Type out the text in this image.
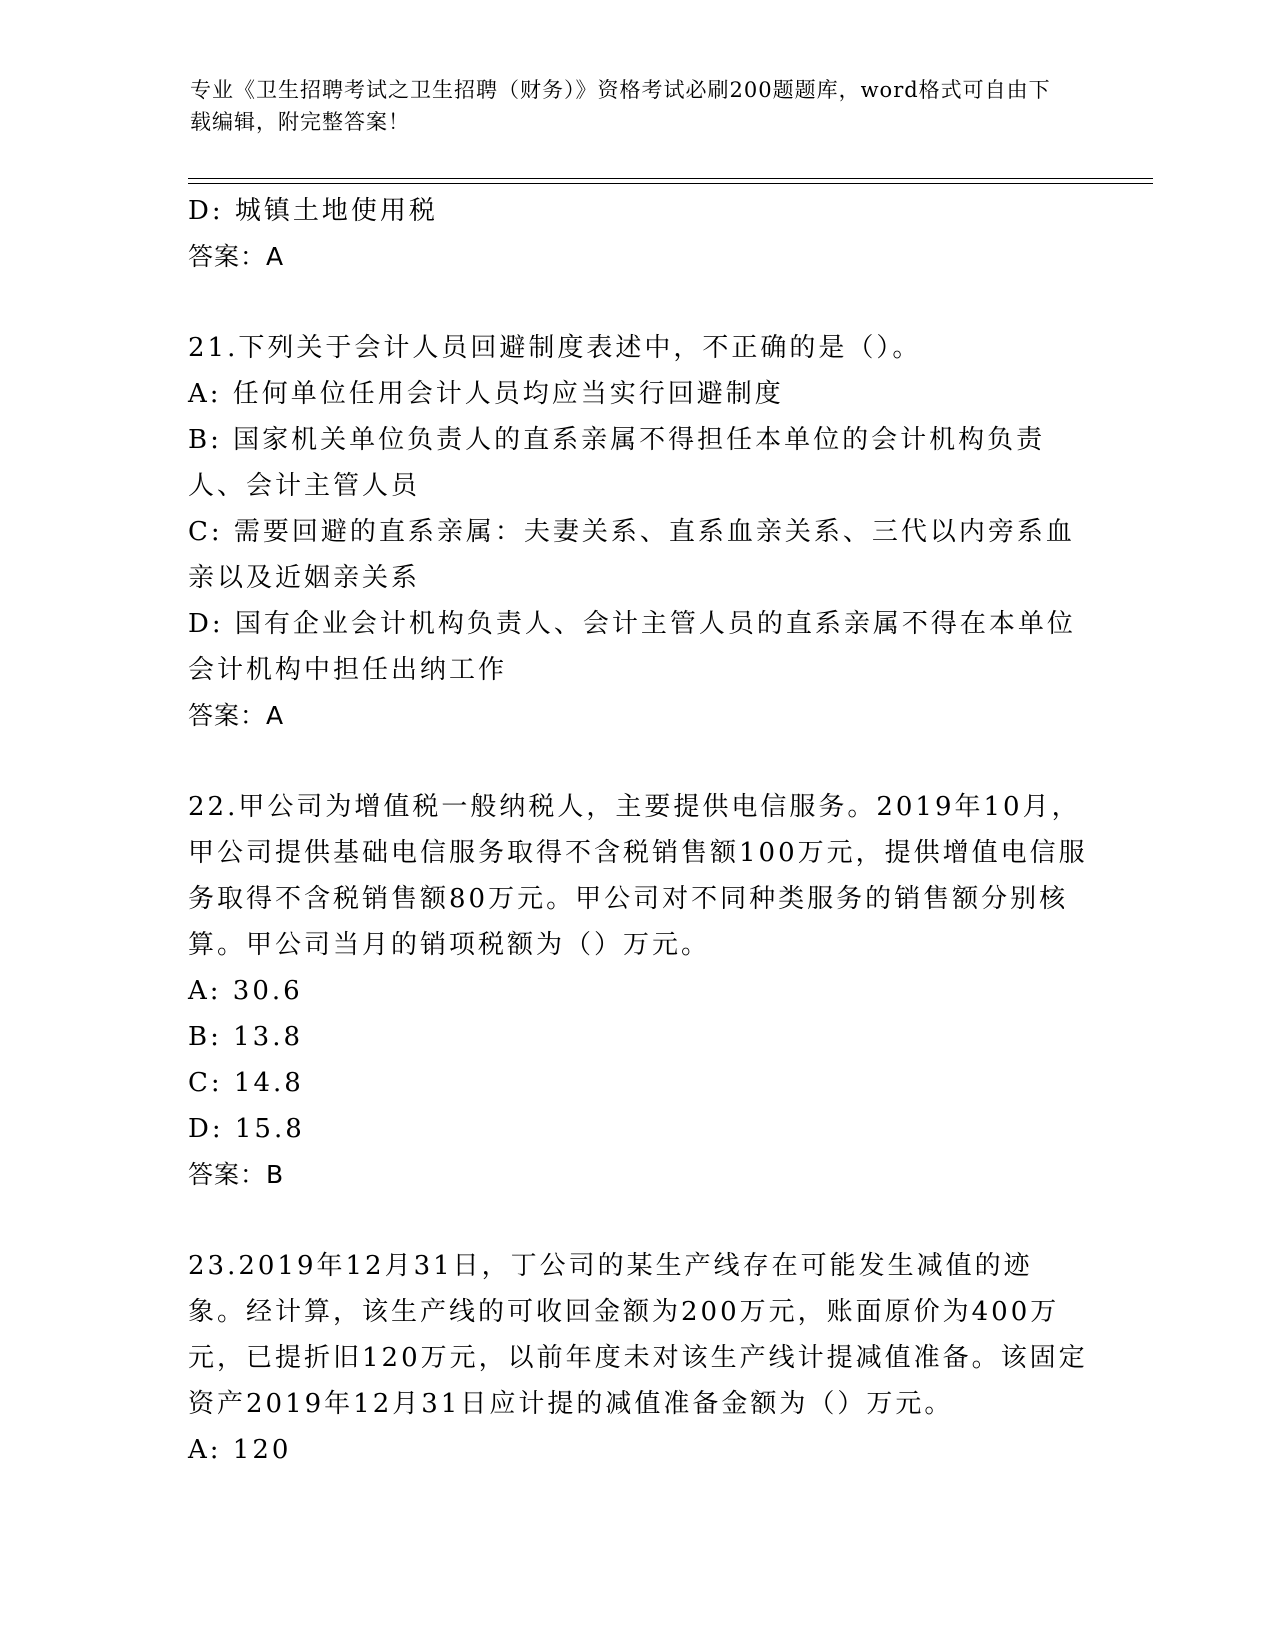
专业《卫生招聘考试之卫生招聘（财务）》资格考试必刷200题题库，word格式可自由下载编辑，附完整答案！
D: 城镇土地使用税
答案：A
21.下列关于会计人员回避制度表述中，不正确的是（）。
A: 任何单位任用会计人员均应当实行回避制度
B: 国家机关单位负责人的直系亲属不得担任本单位的会计机构负责人、会计主管人员
C: 需要回避的直系亲属：夫妻关系、直系血亲关系、三代以内旁系血亲以及近姻亲关系
D: 国有企业会计机构负责人、会计主管人员的直系亲属不得在本单位会计机构中担任出纳工作
答案：A
22.甲公司为增值税一般纳税人，主要提供电信服务。2019年10月，甲公司提供基础电信服务取得不含税销售额100万元，提供增值电信服务取得不含税销售额80万元。甲公司对不同种类服务的销售额分别核算。甲公司当月的销项税额为（）万元。
A: 30.6
B: 13.8
C: 14.8
D: 15.8
答案：B
23.2019年12月31日，丁公司的某生产线存在可能发生减值的迹象。经计算，该生产线的可收回金额为200万元，账面原价为400万元，已提折旧120万元，以前年度未对该生产线计提减值准备。该固定资产2019年12月31日应计提的减值准备金额为（）万元。
A: 120
